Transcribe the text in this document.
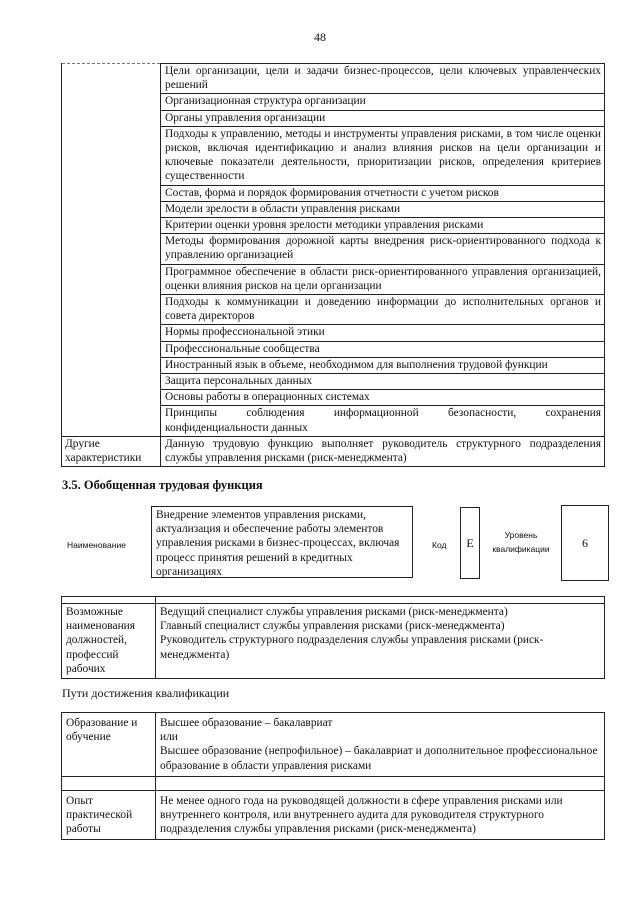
48
	Цели организации, цели и задачи бизнес-процессов, цели ключевых управленческих решений
	Организационная структура организации
	Органы управления организации
	Подходы к управлению, методы и инструменты управления рисками, в том числе оценки рисков, включая идентификацию и анализ влияния рисков на цели организации и ключевые показатели деятельности, приоритизации рисков, определения критериев существенности
	Состав, форма и порядок формирования отчетности с учетом рисков
	Модели зрелости в области управления рисками
	Критерии оценки уровня зрелости методики управления рисками
	Методы формирования дорожной карты внедрения риск-ориентированного подхода к управлению организацией
	Программное обеспечение в области риск-ориентированного управления организацией, оценки влияния рисков на цели организации
	Подходы к коммуникации и доведению информации до исполнительных органов и совета директоров
	Нормы профессиональной этики
	Профессиональные сообщества
	Иностранный язык в объеме, необходимом для выполнения трудовой функции
	Защита персональных данных
	Основы работы в операционных системах
	Принципы соблюдения информационной безопасности, сохранения конфиденциальности данных
Другие характеристики	Данную трудовую функцию выполняет руководитель структурного подразделения службы управления рисками (риск-менеджмента)
3.5. Обобщенная трудовая функция
Наименование
Внедрение элементов управления рисками, актуализация и обеспечение работы элементов управления рисками в бизнес-процессах, включая процесс принятия решений в кредитных организациях
Код	E
Уровень квалификации	6

Возможные наименования должностей, профессий рабочих	Ведущий специалист службы управления рисками (риск-менеджмента)
Главный специалист службы управления рисками (риск-менеджмента)
Руководитель структурного подразделения службы управления рисками (риск-менеджмента)
Пути достижения квалификации
Образование и обучение	Высшее образование – бакалавриат
или
Высшее образование (непрофильное) – бакалавриат и дополнительное профессиональное образование в области управления рисками

Опыт практической работы	Не менее одного года на руководящей должности в сфере управления рисками или внутреннего контроля, или внутреннего аудита для руководителя структурного подразделения службы управления рисками (риск-менеджмента)
